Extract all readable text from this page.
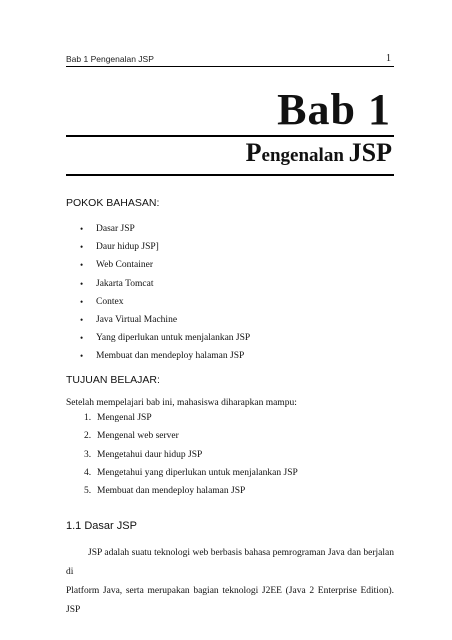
Bab 1 Pengenalan JSP	1
Bab 1
Pengenalan JSP
POKOK BAHASAN:
• Dasar JSP
• Daur hidup JSP]
• Web Container
• Jakarta Tomcat
• Contex
• Java Virtual Machine
• Yang diperlukan untuk menjalankan JSP
• Membuat dan mendeploy halaman JSP
TUJUAN BELAJAR:
Setelah mempelajari bab ini, mahasiswa diharapkan mampu:
1. Mengenal JSP
2. Mengenal web server
3. Mengetahui daur hidup JSP
4. Mengetahui yang diperlukan untuk menjalankan JSP
5. Membuat dan mendeploy halaman JSP
1.1 Dasar JSP
JSP adalah suatu teknologi web berbasis bahasa pemrograman Java dan berjalan di
Platform Java, serta merupakan bagian teknologi J2EE (Java 2 Enterprise Edition). JSP
